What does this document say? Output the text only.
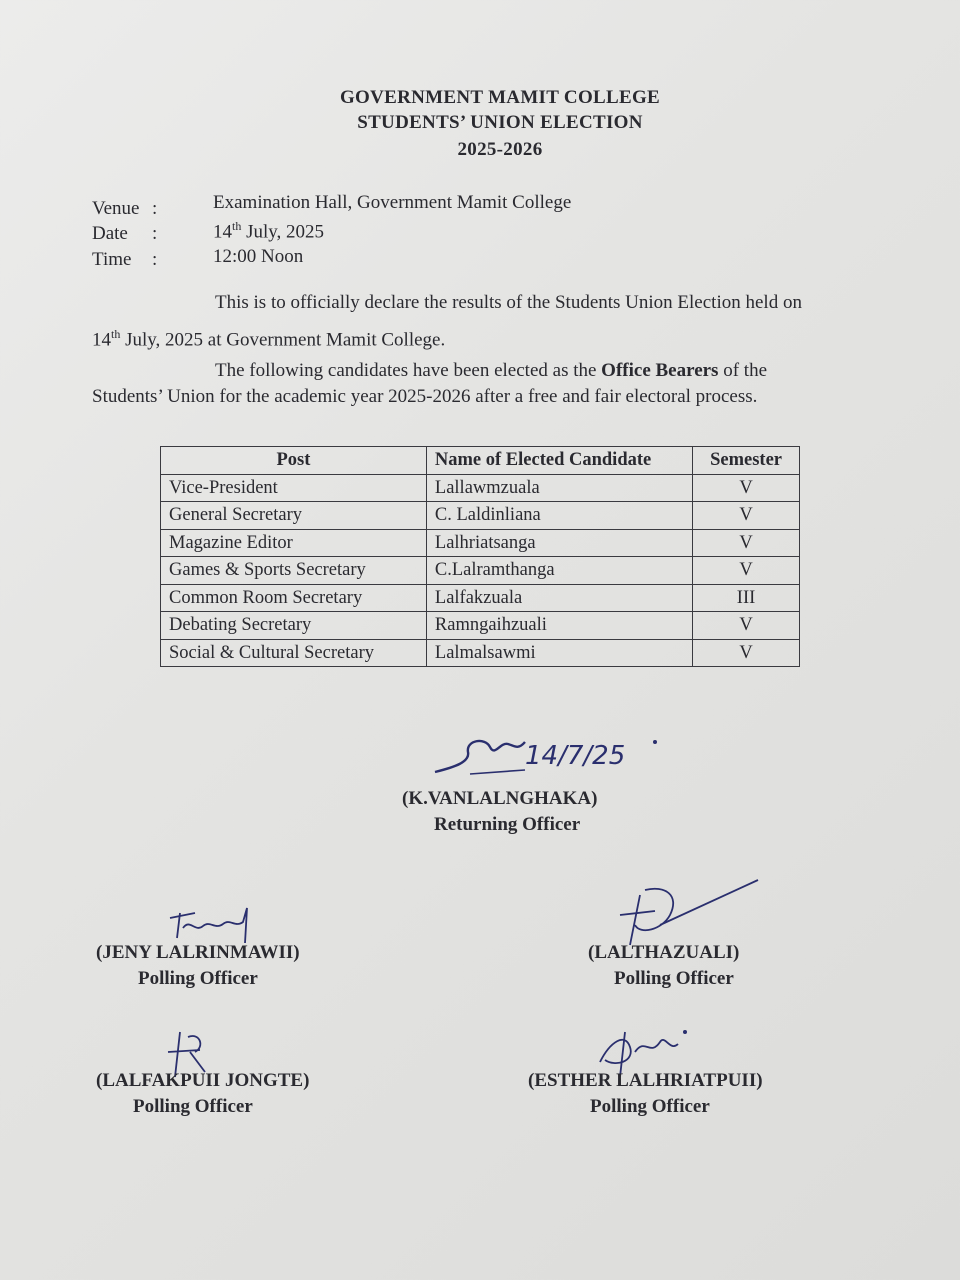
GOVERNMENT MAMIT COLLEGE
STUDENTS’ UNION ELECTION
2025-2026
Venue :	Examination Hall, Government Mamit College
Date :	14th July, 2025
Time :	12:00 Noon
This is to officially declare the results of the Students Union Election held on
14th July, 2025 at Government Mamit College.
The following candidates have been elected as the Office Bearers of the
Students’ Union for the academic year 2025-2026 after a free and fair electoral process.
Post	Name of Elected Candidate	Semester
Vice-President	Lallawmzuala	V
General Secretary	C. Laldinliana	V
Magazine Editor	Lalhriatsanga	V
Games & Sports Secretary	C.Lalramthanga	V
Common Room Secretary	Lalfakzuala	III
Debating Secretary	Ramngaihzuali	V
Social & Cultural Secretary	Lalmalsawmi	V
14/7/25
(K.VANLALNGHAKA)
Returning Officer
(JENY LALRINMAWII)
Polling Officer
(LALTHAZUALI)
Polling Officer
(LALFAKPUII JONGTE)
Polling Officer
(ESTHER LALHRIATPUII)
Polling Officer
